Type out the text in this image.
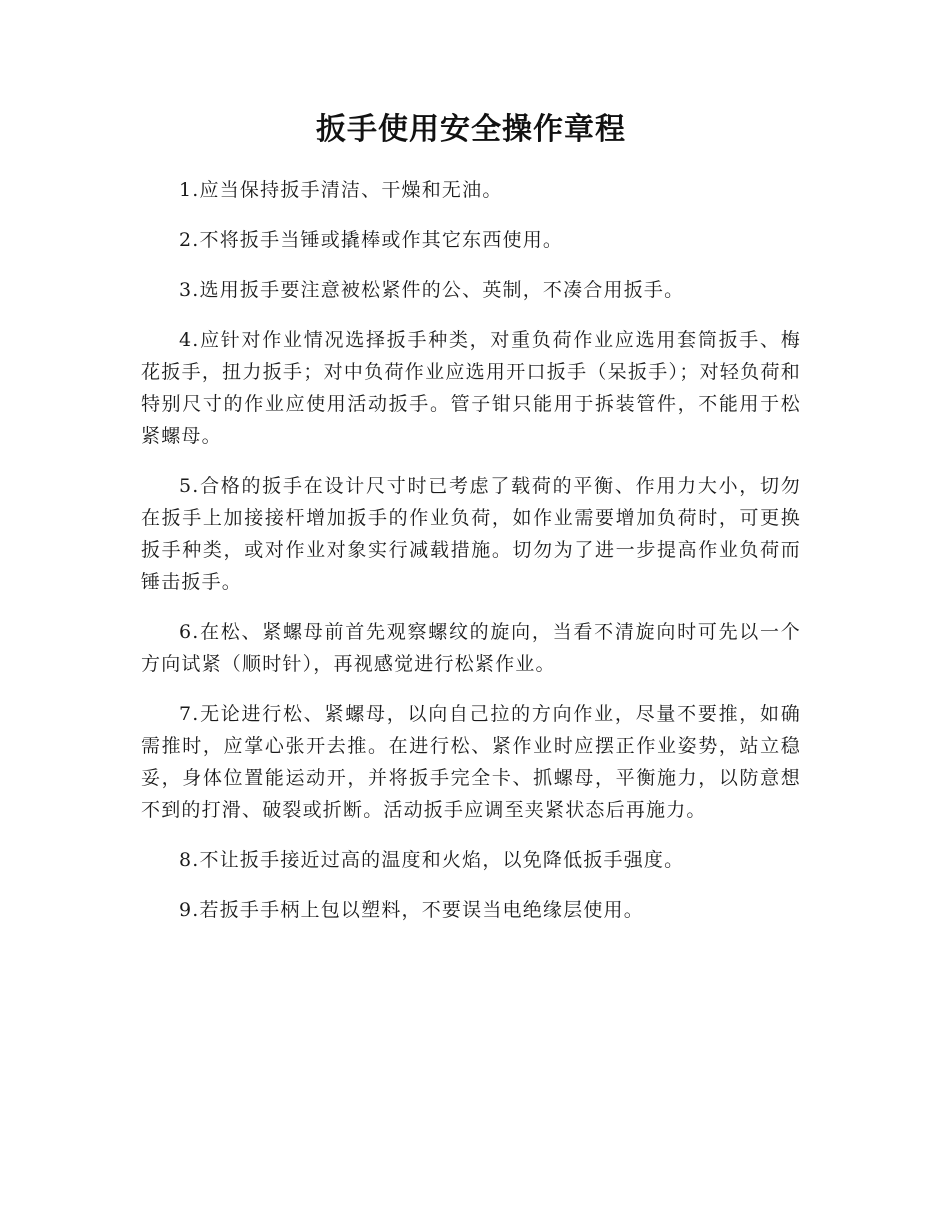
扳手使用安全操作章程

1.应当保持扳手清洁、干燥和无油。

2.不将扳手当锤或撬棒或作其它东西使用。

3.选用扳手要注意被松紧件的公、英制，不凑合用扳手。

4.应针对作业情况选择扳手种类，对重负荷作业应选用套筒扳手、梅花扳手，扭力扳手；对中负荷作业应选用开口扳手（呆扳手）；对轻负荷和特别尺寸的作业应使用活动扳手。管子钳只能用于拆装管件，不能用于松紧螺母。

5.合格的扳手在设计尺寸时已考虑了载荷的平衡、作用力大小，切勿在扳手上加接接杆增加扳手的作业负荷，如作业需要增加负荷时，可更换扳手种类，或对作业对象实行减载措施。切勿为了进一步提高作业负荷而锤击扳手。

6.在松、紧螺母前首先观察螺纹的旋向，当看不清旋向时可先以一个方向试紧（顺时针），再视感觉进行松紧作业。

7.无论进行松、紧螺母，以向自己拉的方向作业，尽量不要推，如确需推时，应掌心张开去推。在进行松、紧作业时应摆正作业姿势，站立稳妥，身体位置能运动开，并将扳手完全卡、抓螺母，平衡施力，以防意想不到的打滑、破裂或折断。活动扳手应调至夹紧状态后再施力。

8.不让扳手接近过高的温度和火焰，以免降低扳手强度。

9.若扳手手柄上包以塑料，不要误当电绝缘层使用。
